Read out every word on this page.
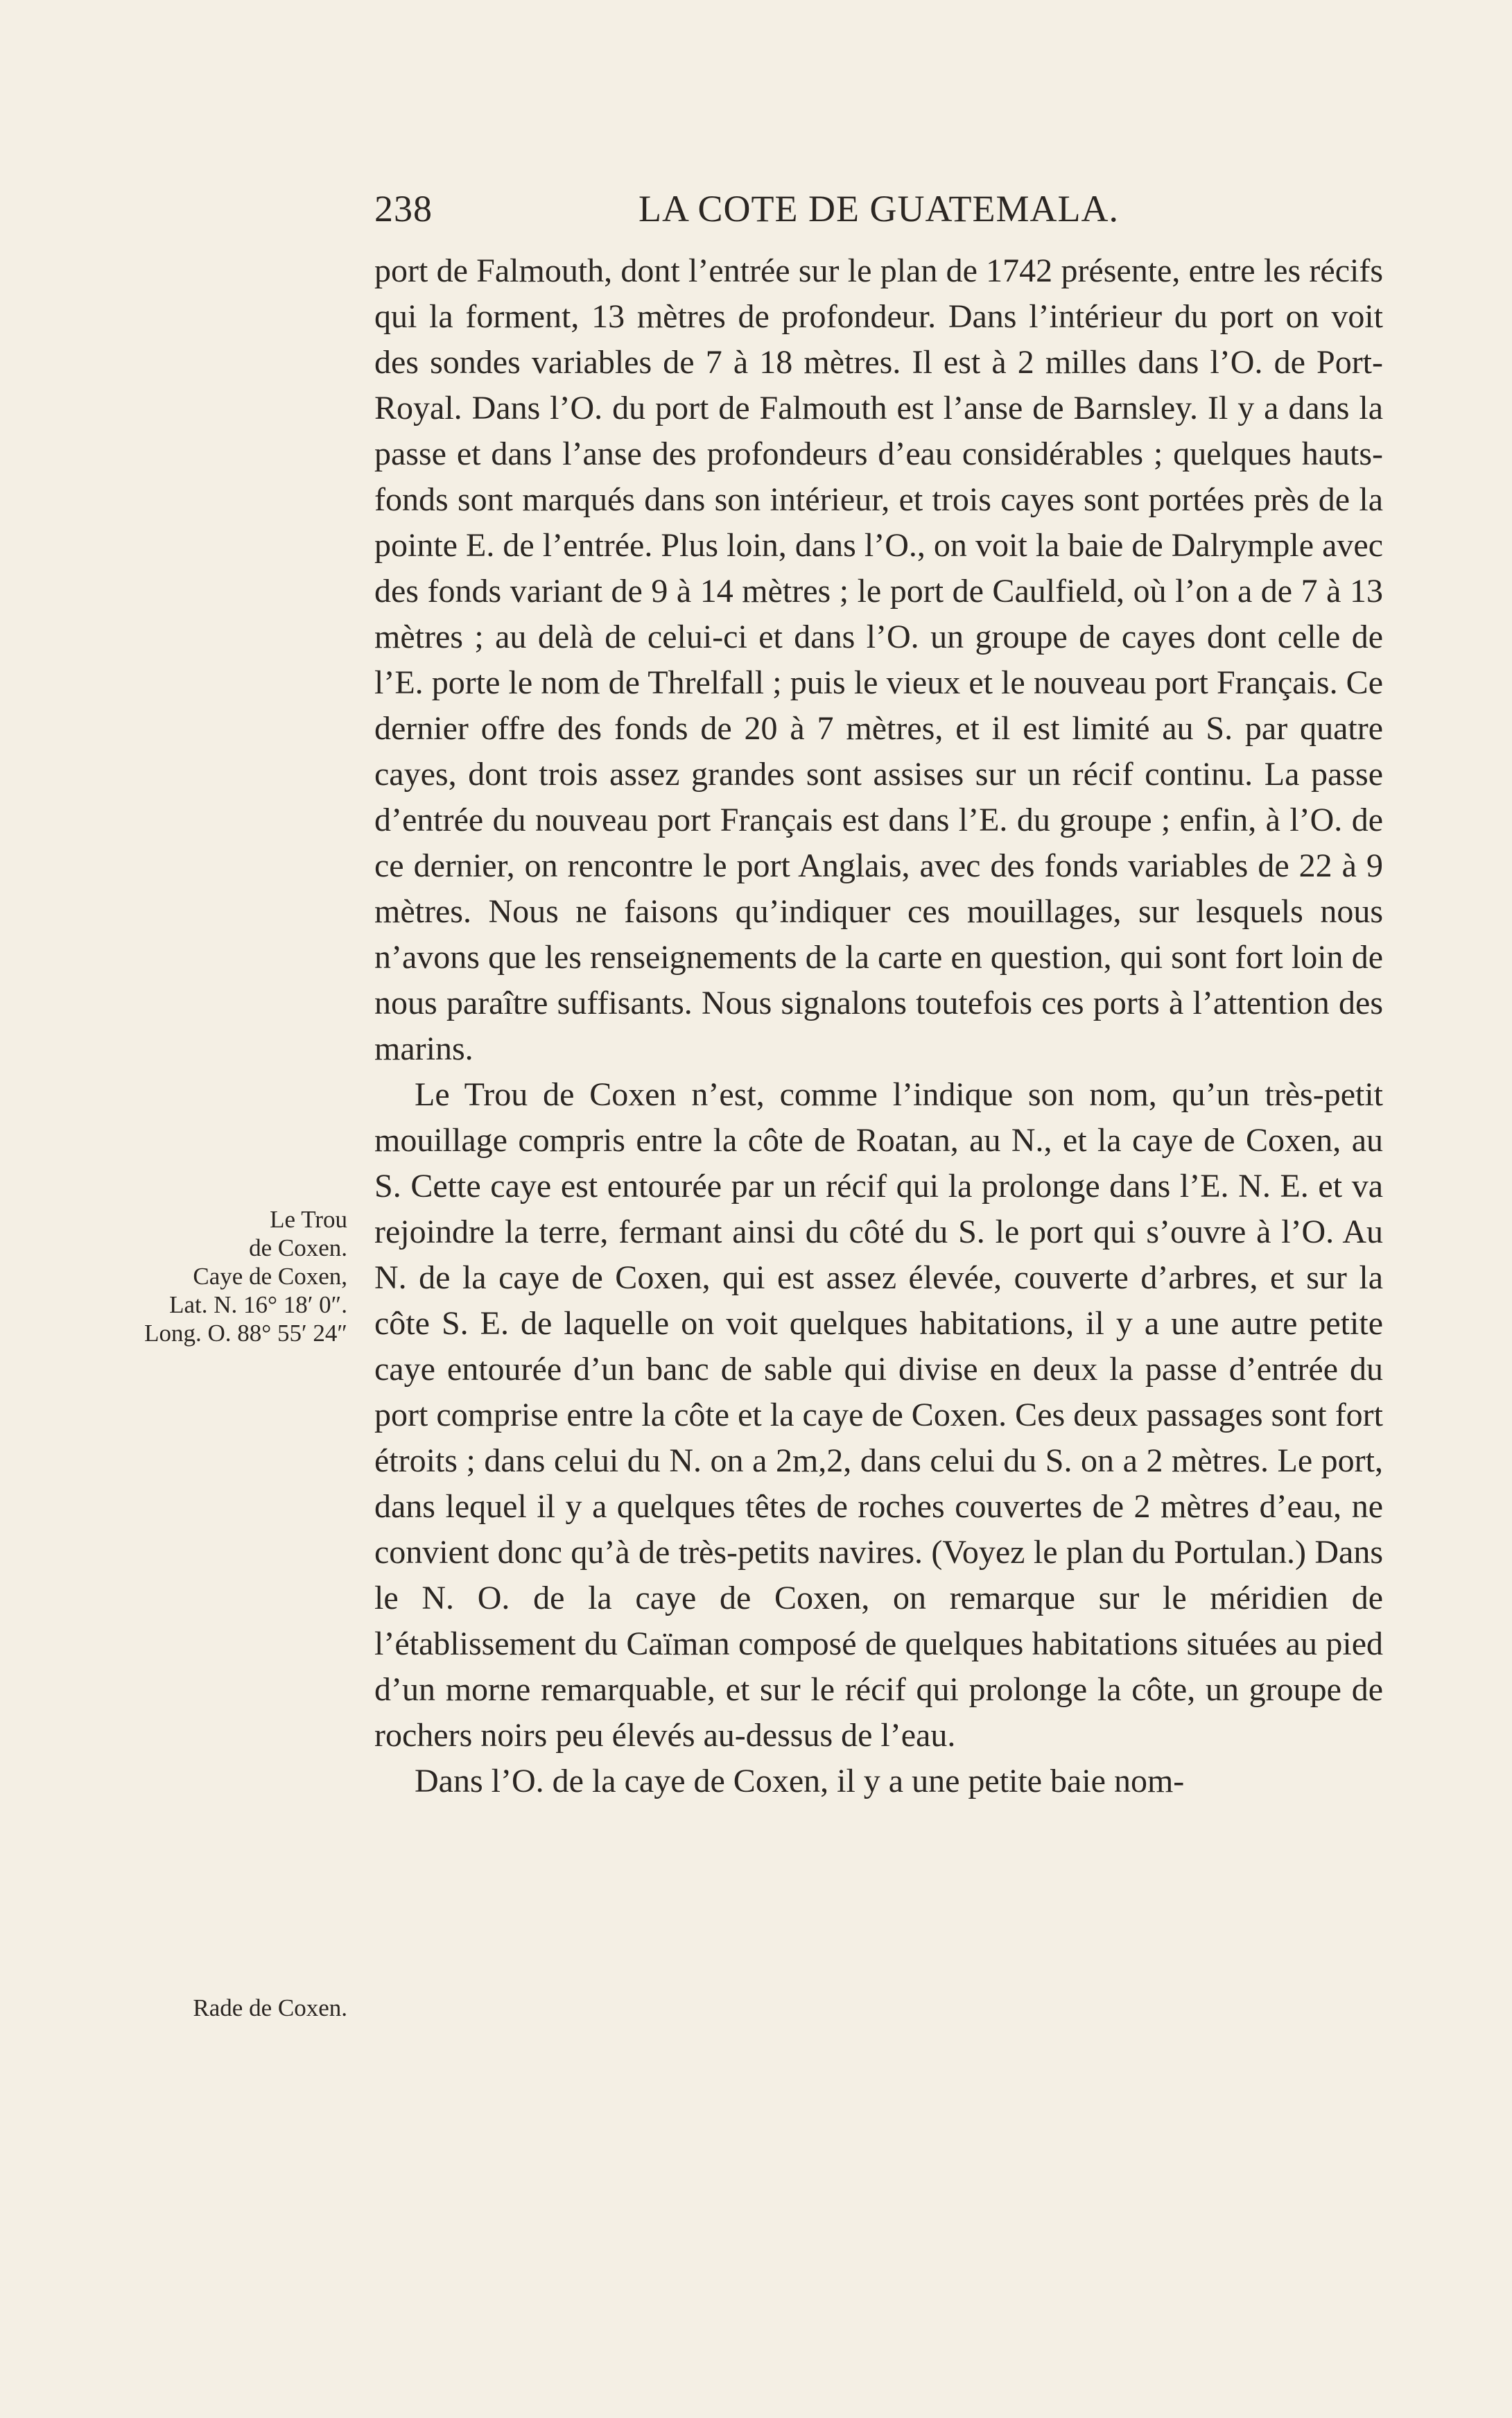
238	LA COTE DE GUATEMALA.

port de Falmouth, dont l’entrée sur le plan de 1742 présente, entre les récifs qui la forment, 13 mètres de profondeur. Dans l’intérieur du port on voit des sondes variables de 7 à 18 mètres. Il est à 2 milles dans l’O. de Port-Royal. Dans l’O. du port de Falmouth est l’anse de Barnsley. Il y a dans la passe et dans l’anse des profondeurs d’eau considérables ; quelques hauts-fonds sont marqués dans son intérieur, et trois cayes sont portées près de la pointe E. de l’entrée. Plus loin, dans l’O., on voit la baie de Dalrymple avec des fonds variant de 9 à 14 mètres ; le port de Caulfield, où l’on a de 7 à 13 mètres ; au delà de celui-ci et dans l’O. un groupe de cayes dont celle de l’E. porte le nom de Threlfall ; puis le vieux et le nouveau port Français. Ce dernier offre des fonds de 20 à 7 mètres, et il est limité au S. par quatre cayes, dont trois assez grandes sont assises sur un récif continu. La passe d’entrée du nouveau port Français est dans l’E. du groupe ; enfin, à l’O. de ce dernier, on rencontre le port Anglais, avec des fonds variables de 22 à 9 mètres. Nous ne faisons qu’indiquer ces mouillages, sur lesquels nous n’avons que les renseignements de la carte en question, qui sont fort loin de nous paraître suffisants. Nous signalons toutefois ces ports à l’attention des marins.

Le Trou de Coxen n’est, comme l’indique son nom, qu’un très-petit mouillage compris entre la côte de Roatan, au N., et la caye de Coxen, au S. Cette caye est entourée par un récif qui la prolonge dans l’E. N. E. et va rejoindre la terre, fermant ainsi du côté du S. le port qui s’ouvre à l’O. Au N. de la caye de Coxen, qui est assez élevée, couverte d’arbres, et sur la côte S. E. de laquelle on voit quelques habitations, il y a une autre petite caye entourée d’un banc de sable qui divise en deux la passe d’entrée du port comprise entre la côte et la caye de Coxen. Ces deux passages sont fort étroits ; dans celui du N. on a 2m,2, dans celui du S. on a 2 mètres. Le port, dans lequel il y a quelques têtes de roches couvertes de 2 mètres d’eau, ne convient donc qu’à de très-petits navires. (Voyez le plan du Portulan.) Dans le N. O. de la caye de Coxen, on remarque sur le méridien de l’établissement du Caïman composé de quelques habitations situées au pied d’un morne remarquable, et sur le récif qui prolonge la côte, un groupe de rochers noirs peu élevés au-dessus de l’eau.

Dans l’O. de la caye de Coxen, il y a une petite baie nom-

Le Trou
de Coxen.
Caye de Coxen,
Lat. N. 16° 18′ 0″.
Long. O. 88° 55′ 24″
Rade de Coxen.
